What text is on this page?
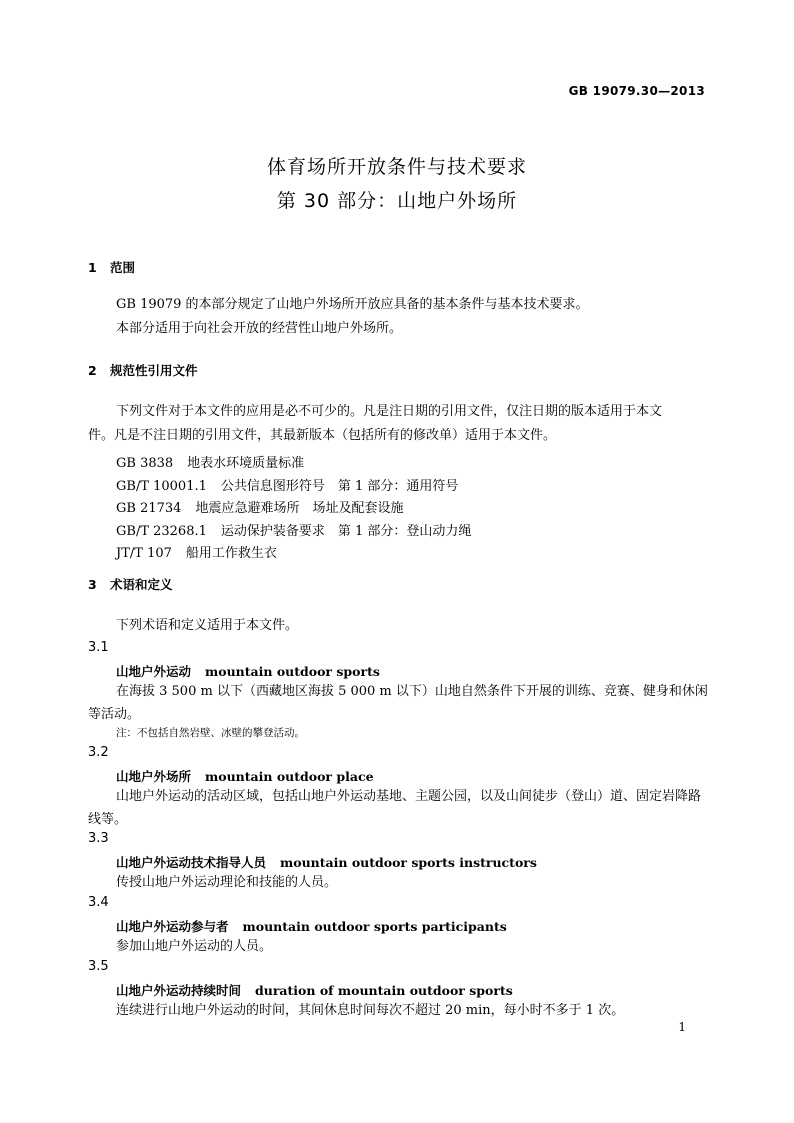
GB 19079.30—2013
体育场所开放条件与技术要求
第 30 部分：山地户外场所
1 范围
GB 19079 的本部分规定了山地户外场所开放应具备的基本条件与基本技术要求。
本部分适用于向社会开放的经营性山地户外场所。
2 规范性引用文件
下列文件对于本文件的应用是必不可少的。凡是注日期的引用文件，仅注日期的版本适用于本文
件。凡是不注日期的引用文件，其最新版本（包括所有的修改单）适用于本文件。
GB 3838 地表水环境质量标准
GB/T 10001.1 公共信息图形符号　第 1 部分：通用符号
GB 21734 地震应急避难场所　场址及配套设施
GB/T 23268.1 运动保护装备要求　第 1 部分：登山动力绳
JT/T 107 船用工作救生衣
3 术语和定义
下列术语和定义适用于本文件。
3.1
山地户外运动 mountain outdoor sports
在海拔 3 500 m 以下（西藏地区海拔 5 000 m 以下）山地自然条件下开展的训练、竞赛、健身和休闲
等活动。
注：不包括自然岩壁、冰壁的攀登活动。
3.2
山地户外场所 mountain outdoor place
山地户外运动的活动区域，包括山地户外运动基地、主题公园，以及山间徒步（登山）道、固定岩降路
线等。
3.3
山地户外运动技术指导人员 mountain outdoor sports instructors
传授山地户外运动理论和技能的人员。
3.4
山地户外运动参与者 mountain outdoor sports participants
参加山地户外运动的人员。
3.5
山地户外运动持续时间 duration of mountain outdoor sports
连续进行山地户外运动的时间，其间休息时间每次不超过 20 min，每小时不多于 1 次。
1
